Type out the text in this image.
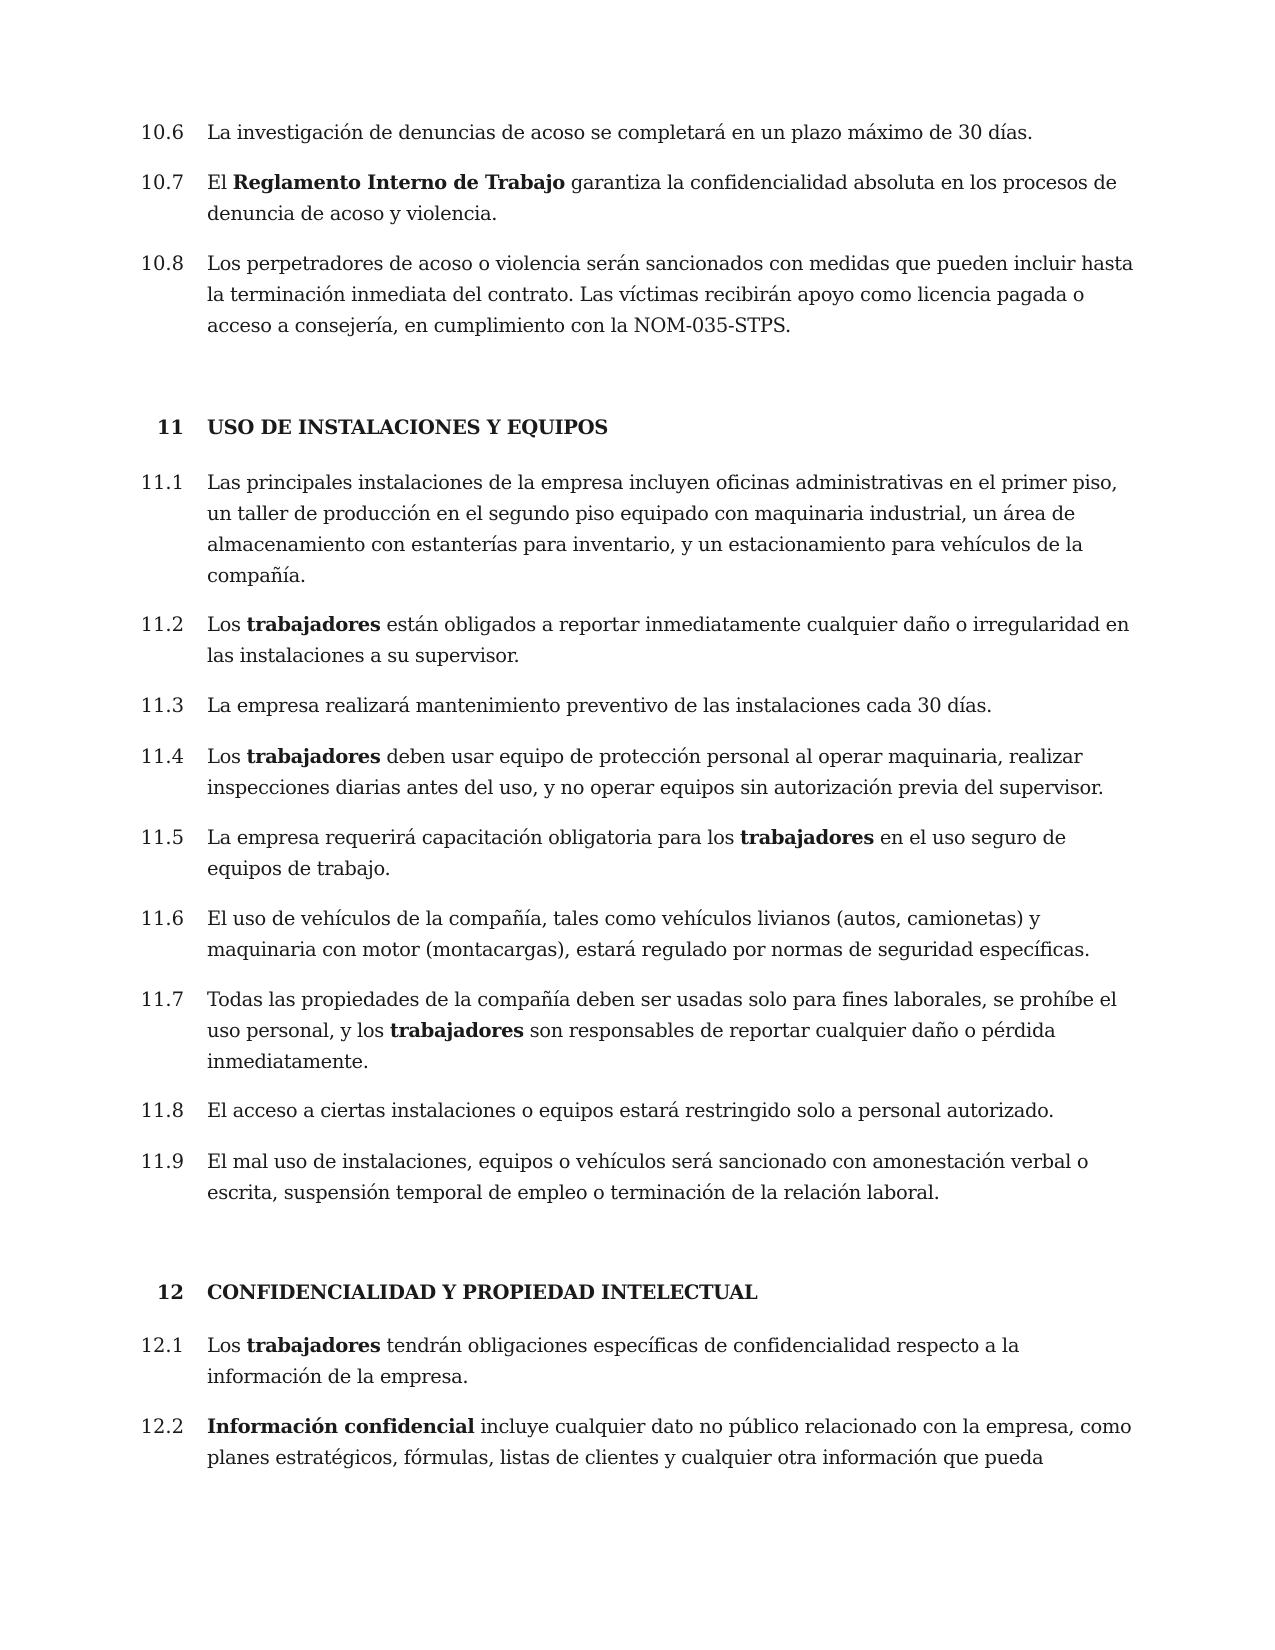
10.6 La investigación de denuncias de acoso se completará en un plazo máximo de 30 días.
10.7 El Reglamento Interno de Trabajo garantiza la confidencialidad absoluta en los procesos de denuncia de acoso y violencia.
10.8 Los perpetradores de acoso o violencia serán sancionados con medidas que pueden incluir hasta la terminación inmediata del contrato. Las víctimas recibirán apoyo como licencia pagada o acceso a consejería, en cumplimiento con la NOM-035-STPS.
11 USO DE INSTALACIONES Y EQUIPOS
11.1 Las principales instalaciones de la empresa incluyen oficinas administrativas en el primer piso, un taller de producción en el segundo piso equipado con maquinaria industrial, un área de almacenamiento con estanterías para inventario, y un estacionamiento para vehículos de la compañía.
11.2 Los trabajadores están obligados a reportar inmediatamente cualquier daño o irregularidad en las instalaciones a su supervisor.
11.3 La empresa realizará mantenimiento preventivo de las instalaciones cada 30 días.
11.4 Los trabajadores deben usar equipo de protección personal al operar maquinaria, realizar inspecciones diarias antes del uso, y no operar equipos sin autorización previa del supervisor.
11.5 La empresa requerirá capacitación obligatoria para los trabajadores en el uso seguro de equipos de trabajo.
11.6 El uso de vehículos de la compañía, tales como vehículos livianos (autos, camionetas) y maquinaria con motor (montacargas), estará regulado por normas de seguridad específicas.
11.7 Todas las propiedades de la compañía deben ser usadas solo para fines laborales, se prohíbe el uso personal, y los trabajadores son responsables de reportar cualquier daño o pérdida inmediatamente.
11.8 El acceso a ciertas instalaciones o equipos estará restringido solo a personal autorizado.
11.9 El mal uso de instalaciones, equipos o vehículos será sancionado con amonestación verbal o escrita, suspensión temporal de empleo o terminación de la relación laboral.
12 CONFIDENCIALIDAD Y PROPIEDAD INTELECTUAL
12.1 Los trabajadores tendrán obligaciones específicas de confidencialidad respecto a la información de la empresa.
12.2 Información confidencial incluye cualquier dato no público relacionado con la empresa, como planes estratégicos, fórmulas, listas de clientes y cualquier otra información que pueda
